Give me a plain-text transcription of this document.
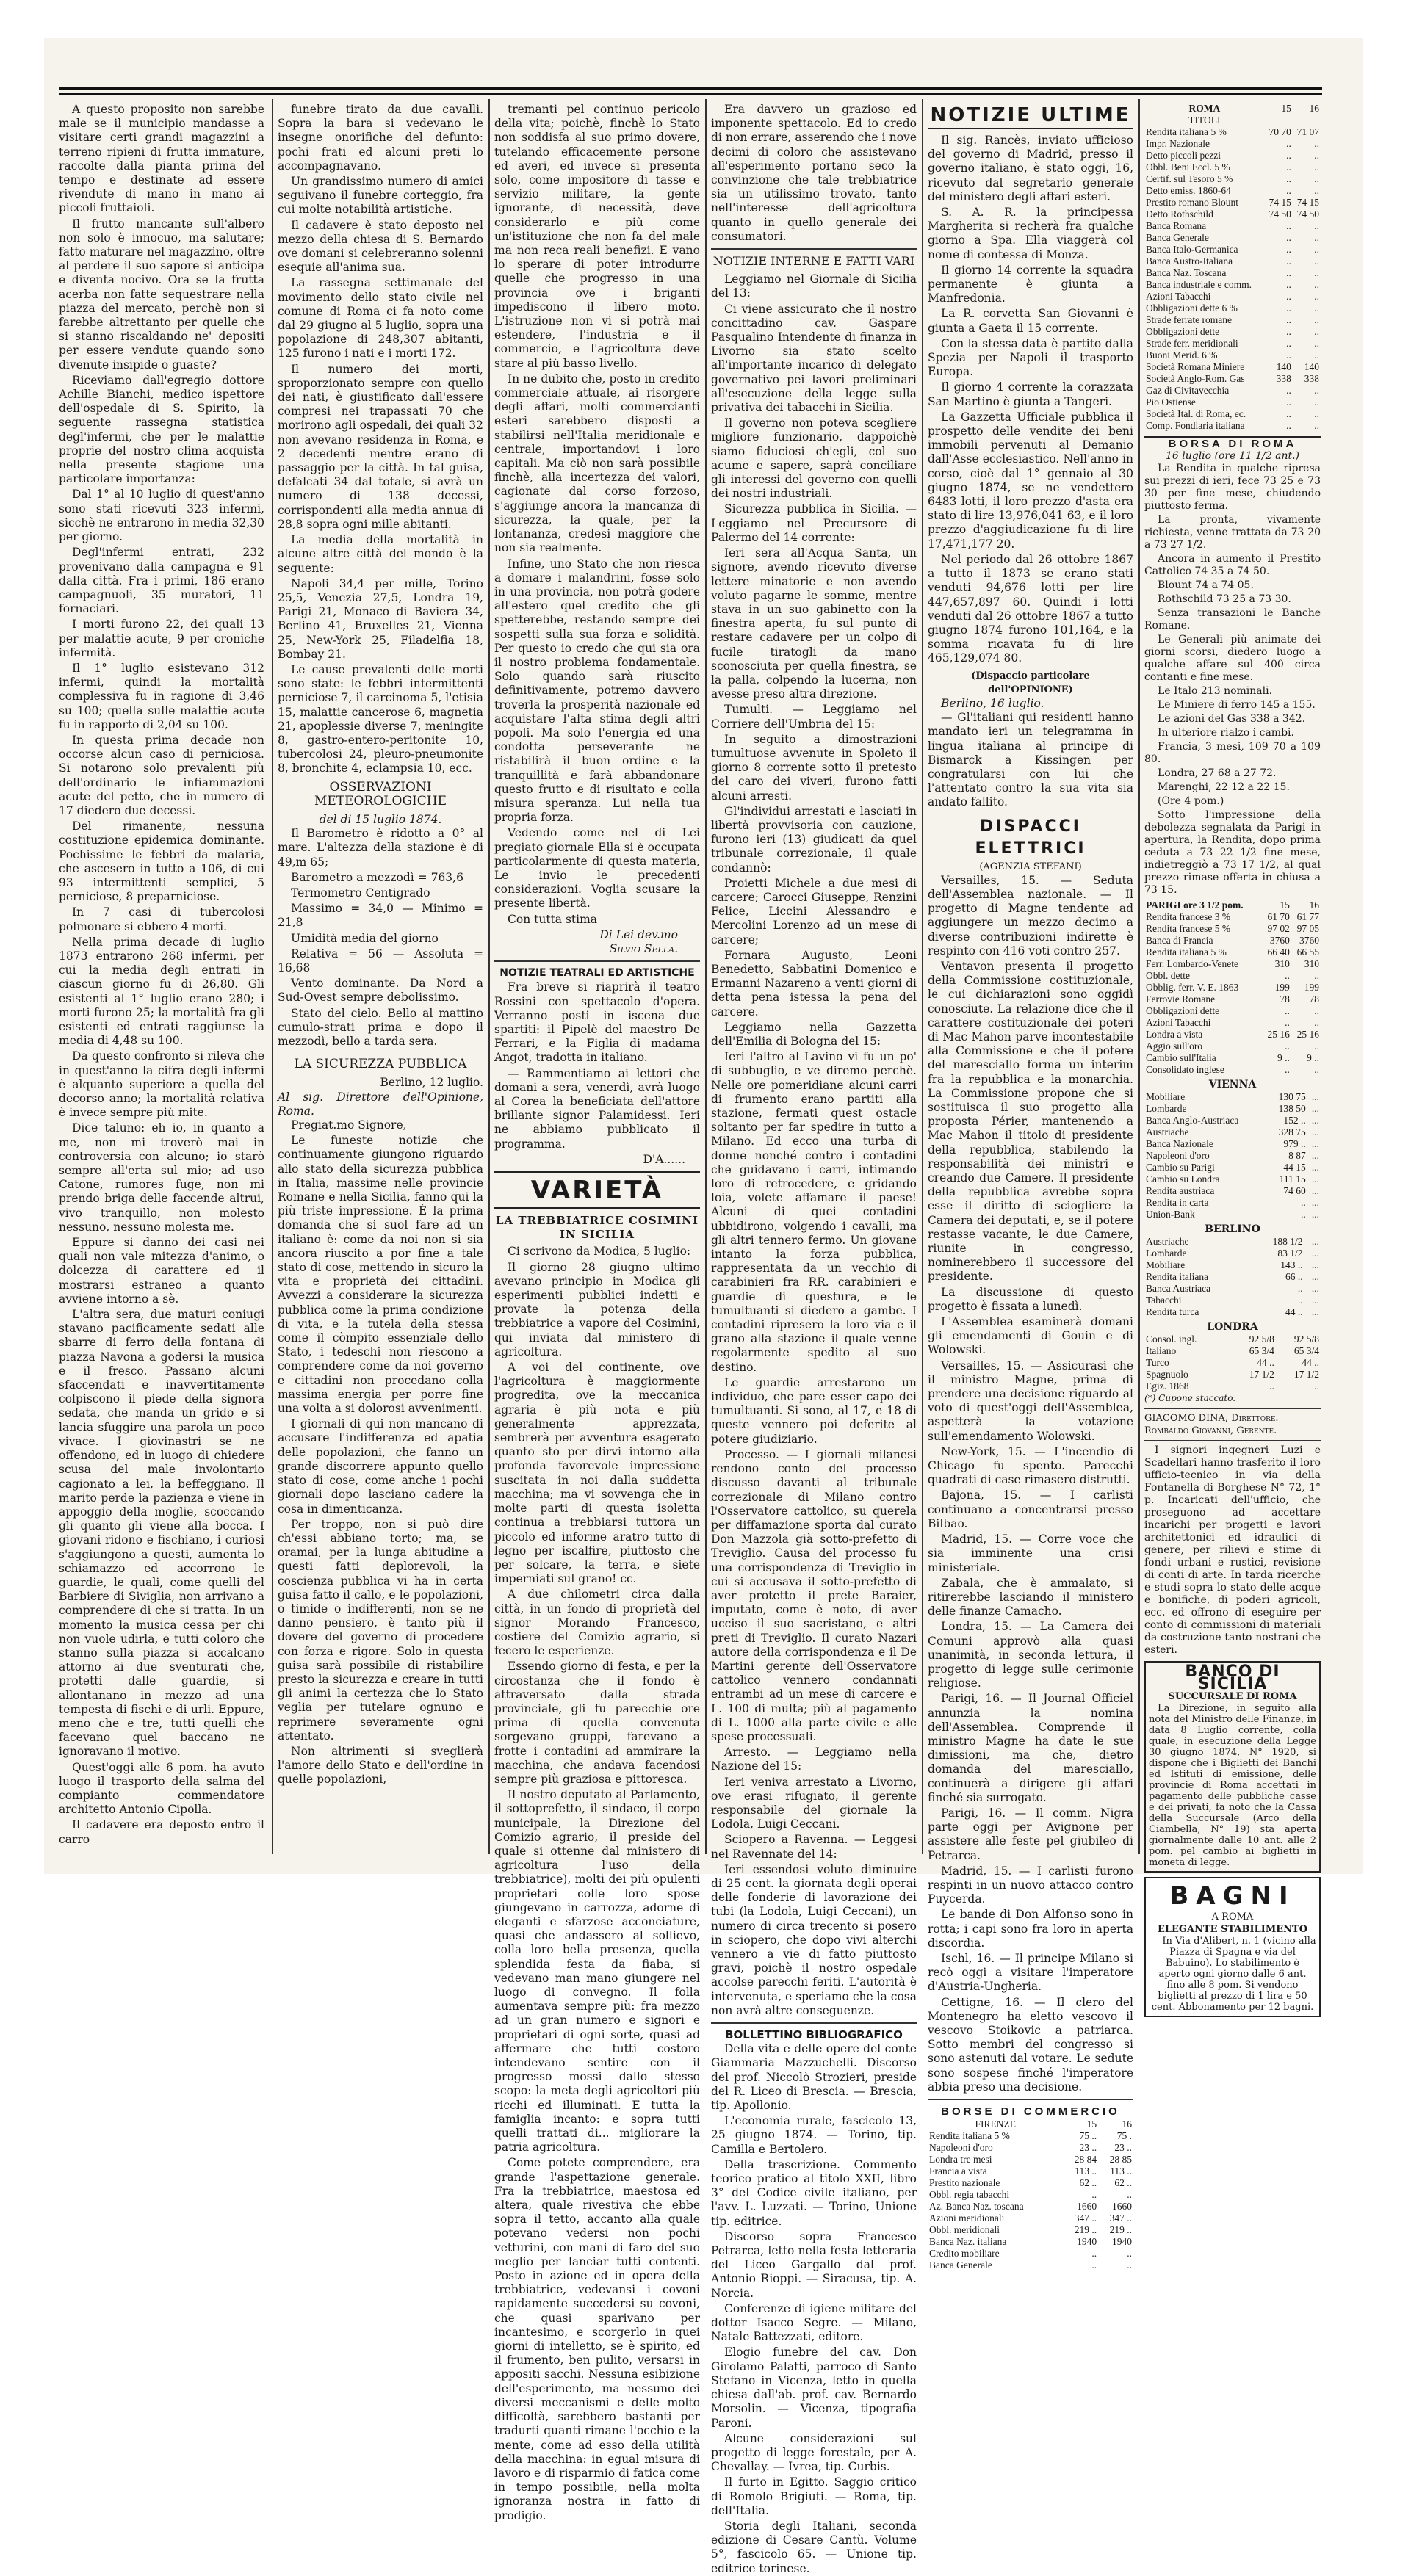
A questo proposito non sarebbe male se il municipio mandasse a visitare certi grandi magazzini a terreno ripieni di frutta immature, raccolte dalla pianta prima del tempo e destinate ad essere rivendute di mano in mano ai piccoli fruttaioli.

Il frutto mancante sull'albero non solo è innocuo, ma salutare; fatto maturare nel magazzino, oltre al perdere il suo sapore si anticipa e diventa nocivo. Ora se la frutta acerba non fatte sequestrare nella piazza del mercato, perchè non si farebbe altrettanto per quelle che si stanno riscaldando ne' depositi per essere vendute quando sono divenute insipide o guaste?

Riceviamo dall'egregio dottore Achille Bianchi, medico ispettore dell'ospedale di S. Spirito, la seguente rassegna statistica degl'infermi, che per le malattie proprie del nostro clima acquista nella presente stagione una particolare importanza:

Dal 1° al 10 luglio di quest'anno sono stati ricevuti 323 infermi, sicchè ne entrarono in media 32,30 per giorno.

Degl'infermi entrati, 232 provenivano dalla campagna e 91 dalla città. Fra i primi, 186 erano campagnuoli, 35 muratori, 11 fornaciari.

I morti furono 22, dei quali 13 per malattie acute, 9 per croniche infermità.

Il 1° luglio esistevano 312 infermi, quindi la mortalità complessiva fu in ragione di 3,46 su 100; quella sulle malattie acute fu in rapporto di 2,04 su 100.

In questa prima decade non occorse alcun caso di perniciosa. Si notarono solo prevalenti più dell'ordinario le infiammazioni acute del petto, che in numero di 17 diedero due decessi.

Del rimanente, nessuna costituzione epidemica dominante. Pochissime le febbri da malaria, che ascesero in tutto a 106, di cui 93 intermittenti semplici, 5 perniciose, 8 preparniciose.

In 7 casi di tubercolosi polmonare si ebbero 4 morti.

Nella prima decade di luglio 1873 entrarono 268 infermi, per cui la media degli entrati in ciascun giorno fu di 26,80. Gli esistenti al 1° luglio erano 280; i morti furono 25; la mortalità fra gli esistenti ed entrati raggiunse la media di 4,48 su 100.

Da questo confronto si rileva che in quest'anno la cifra degli infermi è alquanto superiore a quella del decorso anno; la mortalità relativa è invece sempre più mite.

Dice taluno: eh io, in quanto a me, non mi troverò mai in controversia con alcuno; io starò sempre all'erta sul mio; ad uso Catone, rumores fuge, non mi prendo briga delle faccende altrui, vivo tranquillo, non molesto nessuno, nessuno molesta me.

Eppure si danno dei casi nei quali non vale mitezza d'animo, o dolcezza di carattere ed il mostrarsi estraneo a quanto avviene intorno a sè.

L'altra sera, due maturi coniugi stavano pacificamente sedati alle sbarre di ferro della fontana di piazza Navona a godersi la musica e il fresco. Passano alcuni sfaccendati e inavvertitamente colpiscono il piede della signora sedata, che manda un grido e si lancia sfuggire una parola un poco vivace. I giovinastri se ne offendono, ed in luogo di chiedere scusa del male involontario cagionato a lei, la beffeggiano. Il marito perde la pazienza e viene in appoggio della moglie, scoccando gli quanto gli viene alla bocca. I giovani ridono e fischiano, i curiosi s'aggiungono a questi, aumenta lo schiamazzo ed accorrono le guardie, le quali, come quelli del Barbiere di Siviglia, non arrivano a comprendere di che si tratta. In un momento la musica cessa per chi non vuole udirla, e tutti coloro che stanno sulla piazza si accalcano attorno ai due sventurati che, protetti dalle guardie, si allontanano in mezzo ad una tempesta di fischi e di urli. Eppure, meno che e tre, tutti quelli che facevano quel baccano ne ignoravano il motivo.

Quest'oggi alle 6 pom. ha avuto luogo il trasporto della salma del compianto commendatore architetto Antonio Cipolla.

Il cadavere era deposto entro il carro

funebre tirato da due cavalli. Sopra la bara si vedevano le insegne onorifiche del defunto: pochi frati ed alcuni preti lo accompagnavano.

Un grandissimo numero di amici seguivano il funebre corteggio, fra cui molte notabilità artistiche.

Il cadavere è stato deposto nel mezzo della chiesa di S. Bernardo ove domani si celebreranno solenni esequie all'anima sua.

La rassegna settimanale del movimento dello stato civile nel comune di Roma ci fa noto come dal 29 giugno al 5 luglio, sopra una popolazione di 248,307 abitanti, 125 furono i nati e i morti 172.

Il numero dei morti, sproporzionato sempre con quello dei nati, è giustificato dall'essere compresi nei trapassati 70 che morirono agli ospedali, dei quali 32 non avevano residenza in Roma, e 2 decedenti mentre erano di passaggio per la città. In tal guisa, defalcati 34 dal totale, si avrà un numero di 138 decessi, corrispondenti alla media annua di 28,8 sopra ogni mille abitanti.

La media della mortalità in alcune altre città del mondo è la seguente:

Napoli 34,4 per mille, Torino 25,5, Venezia 27,5, Londra 19, Parigi 21, Monaco di Baviera 34, Berlino 41, Bruxelles 21, Vienna 25, New-York 25, Filadelfia 18, Bombay 21.

Le cause prevalenti delle morti sono state: le febbri intermittenti perniciose 7, il carcinoma 5, l'etisia 15, malattie cancerose 6, magnetia 21, apoplessie diverse 7, meningite 8, gastro-entero-peritonite 10, tubercolosi 24, pleuro-pneumonite 8, bronchite 4, eclampsia 10, ecc.

OSSERVAZIONI METEOROLOGICHE
del di 15 luglio 1874.

Il Barometro è ridotto a 0° al mare. L'altezza della stazione è di 49,m 65;

Barometro a mezzodì = 763,6

Termometro Centigrado

Massimo = 34,0 — Minimo = 21,8

Umidità media del giorno

Relativa = 56 — Assoluta = 16,68

Vento dominante. Da Nord a Sud-Ovest sempre debolissimo.

Stato del cielo. Bello al mattino cumulo-strati prima e dopo il mezzodì, bello a tarda sera.

LA SICUREZZA PUBBLICA
Berlino, 12 luglio.
Al sig. Direttore dell'Opinione, Roma.

Pregiat.mo Signore,

Le funeste notizie che continuamente giungono riguardo allo stato della sicurezza pubblica in Italia, massime nelle provincie Romane e nella Sicilia, fanno qui la più triste impressione. È la prima domanda che si suol fare ad un italiano è: come da noi non si sia ancora riuscito a por fine a tale stato di cose, mettendo in sicuro la vita e proprietà dei cittadini. Avvezzi a considerare la sicurezza pubblica come la prima condizione di vita, e la tutela della stessa come il còmpito essenziale dello Stato, i tedeschi non riescono a comprendere come da noi governo e cittadini non procedano colla massima energia per porre fine una volta a si dolorosi avvenimenti.

I giornali di qui non mancano di accusare l'indifferenza ed apatia delle popolazioni, che fanno un grande discorrere appunto quello stato di cose, come anche i pochi giornali dopo lasciano cadere la cosa in dimenticanza.

Per troppo, non si può dire ch'essi abbiano torto; ma, se oramai, per la lunga abitudine a questi fatti deplorevoli, la coscienza pubblica vi ha in certa guisa fatto il callo, e le popolazioni, o timide o indifferenti, non se ne danno pensiero, è tanto più il dovere del governo di procedere con forza e rigore. Solo in questa guisa sarà possibile di ristabilire presto la sicurezza e creare in tutti gli animi la certezza che lo Stato veglia per tutelare ognuno e reprimere severamente ogni attentato.

Non altrimenti si sveglierà l'amore dello Stato e dell'ordine in quelle popolazioni,

tremanti pel continuo pericolo della vita; poichè, finchè lo Stato non soddisfa al suo primo dovere, tutelando efficacemente persone ed averi, ed invece si presenta solo, come impositore di tasse e servizio militare, la gente ignorante, di necessità, deve considerarlo e più come un'istituzione che non fa del male ma non reca reali benefizi. E vano lo sperare di poter introdurre quelle che progresso in una provincia ove i briganti impediscono il libero moto. L'istruzione non vi si potrà mai estendere, l'industria e il commercio, e l'agricoltura deve stare al più basso livello.

In ne dubito che, posto in credito commerciale attuale, ai risorgere degli affari, molti commercianti esteri sarebbero disposti a stabilirsi nell'Italia meridionale e centrale, importandovi i loro capitali. Ma ciò non sarà possibile finchè, alla incertezza dei valori, cagionate dal corso forzoso, s'aggiunge ancora la mancanza di sicurezza, la quale, per la lontananza, credesi maggiore che non sia realmente.

Infine, uno Stato che non riesca a domare i malandrini, fosse solo in una provincia, non potrà godere all'estero quel credito che gli spetterebbe, restando sempre dei sospetti sulla sua forza e solidità. Per questo io credo che qui sia ora il nostro problema fondamentale. Solo quando sarà riuscito definitivamente, potremo davvero troverla la prosperità nazionale ed acquistare l'alta stima degli altri popoli. Ma solo l'energia ed una condotta perseverante ne ristabilirà il buon ordine e la tranquillità e farà abbandonare questo frutto e di risultato e colla misura speranza. Lui nella tua propria forza.

Vedendo come nel di Lei pregiato giornale Ella si è occupata particolarmente di questa materia, Le invio le precedenti considerazioni. Voglia scusare la presente libertà.

Con tutta stima

Di Lei dev.mo
Silvio Sella.
NOTIZIE TEATRALI ED ARTISTICHE

Fra breve si riaprirà il teatro Rossini con spettacolo d'opera. Verranno posti in iscena due spartiti: il Pipelè del maestro De Ferrari, e la Figlia di madama Angot, tradotta in italiano.

— Rammentiamo ai lettori che domani a sera, venerdì, avrà luogo al Corea la beneficiata dell'attore brillante signor Palamidessi. Ieri ne abbiamo pubblicato il programma.

D'A......
VARIETÀ
LA TREBBIATRICE COSIMINI IN SICILIA

Ci scrivono da Modica, 5 luglio:

Il giorno 28 giugno ultimo avevano principio in Modica gli esperimenti pubblici indetti e provate la potenza della trebbiatrice a vapore del Cosimini, qui inviata dal ministero di agricoltura.

A voi del continente, ove l'agricoltura è maggiormente progredita, ove la meccanica agraria è più nota e più generalmente apprezzata, sembrerà per avventura esagerato quanto sto per dirvi intorno alla profonda favorevole impressione suscitata in noi dalla suddetta macchina; ma vi sovvenga che in molte parti di questa isoletta continua a trebbiarsi tuttora un piccolo ed informe aratro tutto di legno per iscalfire, piuttosto che per solcare, la terra, e siete imperniati sul grano! cc.

A due chilometri circa dalla città, in un fondo di proprietà del signor Morando Francesco, costiere del Comizio agrario, si fecero le esperienze.

Essendo giorno di festa, e per la circostanza che il fondo è attraversato dalla strada provinciale, gli fu parecchie ore prima di quella convenuta sorgevano gruppi, farevano a frotte i contadini ad ammirare la macchina, che andava facendosi sempre più graziosa e pittoresca.

Il nostro deputato al Parlamento, il sottoprefetto, il sindaco, il corpo municipale, la Direzione del Comizio agrario, il preside del quale si ottenne dal ministero di agricoltura l'uso della trebbiatrice), molti dei più opulenti proprietari colle loro spose giungevano in carrozza, adorne di eleganti e sfarzose acconciature, quasi che andassero al sollievo, colla loro bella presenza, quella splendida festa da fiaba, si vedevano man mano giungere nel luogo di convegno. Il folla aumentava sempre più: fra mezzo ad un gran numero e signori e proprietari di ogni sorte, quasi ad affermare che tutti costoro intendevano sentire con il progresso mossi dallo stesso scopo: la meta degli agricoltori più ricchi ed illuminati. E tutta la famiglia incanto: e sopra tutti quelli trattati di... migliorare la patria agricoltura.

Come potete comprendere, era grande l'aspettazione generale. Fra la trebbiatrice, maestosa ed altera, quale rivestiva che ebbe sopra il tetto, accanto alla quale potevano vedersi non pochi vetturini, con mani di faro del suo meglio per lanciar tutti contenti. Posto in azione ed in opera della trebbiatrice, vedevansi i covoni rapidamente succedersi su covoni, che quasi sparivano per incantesimo, e scorgerlo in quei giorni di intelletto, se è spirito, ed il frumento, ben pulito, versarsi in appositi sacchi. Nessuna esibizione dell'esperimento, ma nessuno dei diversi meccanismi e delle molto difficoltà, sarebbero bastanti per tradurti quanti rimane l'occhio e la mente, come ad esso della utilità della macchina: in egual misura di lavoro e di risparmio di fatica come in tempo possibile, nella molta ignoranza nostra in fatto di prodigio.

Era davvero un grazioso ed imponente spettacolo. Ed io credo di non errare, asserendo che i nove decimi di coloro che assistevano all'esperimento portano seco la convinzione che tale trebbiatrice sia un utilissimo trovato, tanto nell'interesse dell'agricoltura quanto in quello generale dei consumatori.

NOTIZIE INTERNE E FATTI VARI

Leggiamo nel Giornale di Sicilia del 13:

Ci viene assicurato che il nostro concittadino cav. Gaspare Pasqualino Intendente di finanza in Livorno sia stato scelto all'importante incarico di delegato governativo pei lavori preliminari all'esecuzione della legge sulla privativa dei tabacchi in Sicilia.

Il governo non poteva scegliere migliore funzionario, dappoichè siamo fiduciosi ch'egli, col suo acume e sapere, saprà conciliare gli interessi del governo con quelli dei nostri industriali.

Sicurezza pubblica in Sicilia. — Leggiamo nel Precursore di Palermo del 14 corrente:

Ieri sera all'Acqua Santa, un signore, avendo ricevuto diverse lettere minatorie e non avendo voluto pagarne le somme, mentre stava in un suo gabinetto con la finestra aperta, fu sul punto di restare cadavere per un colpo di fucile tiratogli da mano sconosciuta per quella finestra, se la palla, colpendo la lucerna, non avesse preso altra direzione.

Tumulti. — Leggiamo nel Corriere dell'Umbria del 15:

In seguito a dimostrazioni tumultuose avvenute in Spoleto il giorno 8 corrente sotto il pretesto del caro dei viveri, furono fatti alcuni arresti.

Gl'individui arrestati e lasciati in libertà provvisoria con cauzione, furono ieri (13) giudicati da quel tribunale correzionale, il quale condannò:

Proietti Michele a due mesi di carcere; Carocci Giuseppe, Renzini Felice, Liccini Alessandro e Mercolini Lorenzo ad un mese di carcere;

Fornara Augusto, Leoni Benedetto, Sabbatini Domenico e Ermanni Nazareno a venti giorni di detta pena istessa la pena del carcere.

Leggiamo nella Gazzetta dell'Emilia di Bologna del 15:

Ieri l'altro al Lavino vi fu un po' di subbuglio, e ve diremo perchè. Nelle ore pomeridiane alcuni carri di frumento erano partiti alla stazione, fermati quest ostacle soltanto per far spedire in tutto a Milano. Ed ecco una turba di donne nonché contro i contadini che guidavano i carri, intimando loro di retrocedere, e gridando loia, volete affamare il paese! Alcuni di quei contadini ubbidirono, volgendo i cavalli, ma gli altri tennero fermo. Un giovane intanto la forza pubblica, rappresentata da un vecchio di carabinieri fra RR. carabinieri e guardie di questura, e le tumultuanti si diedero a gambe. I contadini ripresero la loro via e il grano alla stazione il quale venne regolarmente spedito al suo destino.

Le guardie arrestarono un individuo, che pare esser capo dei tumultuanti. Si sono, al 17, e 18 di queste vennero poi deferite al potere giudiziario.

Processo. — I giornali milanesi rendono conto del processo discusso davanti al tribunale correzionale di Milano contro l'Osservatore cattolico, su querela per diffamazione sporta dal curato Don Mazzola già sotto-prefetto di Treviglio. Causa del processo fu una corrispondenza di Treviglio in cui si accusava il sotto-prefetto di aver protetto il prete Baraier, imputato, come è noto, di aver ucciso il suo sacristano, e altri preti di Treviglio. Il curato Nazari autore della corrispondenza e il De Martini gerente dell'Osservatore cattolico vennero condannati entrambi ad un mese di carcere e L. 100 di multa; più al pagamento di L. 1000 alla parte civile e alle spese processuali.

Arresto. — Leggiamo nella Nazione del 15:

Ieri veniva arrestato a Livorno, ove erasi rifugiato, il gerente responsabile del giornale la Lodola, Luigi Ceccani.

Sciopero a Ravenna. — Leggesi nel Ravennate del 14:

Ieri essendosi voluto diminuire di 25 cent. la giornata degli operai delle fonderie di lavorazione dei tubi (la Lodola, Luigi Ceccani), un numero di circa trecento si posero in sciopero, che dopo vivi alterchi vennero a vie di fatto piuttosto gravi, poichè il nostro ospedale accolse parecchi feriti. L'autorità è intervenuta, e speriamo che la cosa non avrà altre conseguenze.

BOLLETTINO BIBLIOGRAFICO

Della vita e delle opere del conte Giammaria Mazzuchelli. Discorso del prof. Niccolò Strozieri, preside del R. Liceo di Brescia. — Brescia, tip. Apollonio.

L'economia rurale, fascicolo 13, 25 giugno 1874. — Torino, tip. Camilla e Bertolero.

Della trascrizione. Commento teorico pratico al titolo XXII, libro 3° del Codice civile italiano, per l'avv. L. Luzzati. — Torino, Unione tip. editrice.

Discorso sopra Francesco Petrarca, letto nella festa letteraria del Liceo Gargallo dal prof. Antonio Rioppi. — Siracusa, tip. A. Norcia.

Conferenze di igiene militare del dottor Isacco Segre. — Milano, Natale Battezzati, editore.

Elogio funebre del cav. Don Girolamo Palatti, parroco di Santo Stefano in Vicenza, letto in quella chiesa dall'ab. prof. cav. Bernardo Morsolin. — Vicenza, tipografia Paroni.

Alcune considerazioni sul progetto di legge forestale, per A. Chevallay. — Ivrea, tip. Curbis.

Il furto in Egitto. Saggio critico di Romolo Brigiuti. — Roma, tip. dell'Italia.

Storia degli Italiani, seconda edizione di Cesare Cantù. Volume 5°, fascicolo 65. — Unione tip. editrice torinese.

NOTIZIE ULTIME

Il sig. Rancès, inviato ufficioso del governo di Madrid, presso il governo italiano, è stato oggi, 16, ricevuto dal segretario generale del ministero degli affari esteri.

S. A. R. la principessa Margherita si recherà fra qualche giorno a Spa. Ella viaggerà col nome di contessa di Monza.

Il giorno 14 corrente la squadra permanente è giunta a Manfredonia.

La R. corvetta San Giovanni è giunta a Gaeta il 15 corrente.

Con la stessa data è partito dalla Spezia per Napoli il trasporto Europa.

Il giorno 4 corrente la corazzata San Martino è giunta a Tangeri.

La Gazzetta Ufficiale pubblica il prospetto delle vendite dei beni immobili pervenuti al Demanio dall'Asse ecclesiastico. Nell'anno in corso, cioè dal 1° gennaio al 30 giugno 1874, se ne vendettero 6483 lotti, il loro prezzo d'asta era stato di lire 13,976,041 63, e il loro prezzo d'aggiudicazione fu di lire 17,471,177 20.

Nel periodo dal 26 ottobre 1867 a tutto il 1873 se erano stati venduti 94,676 lotti per lire 447,657,897 60. Quindi i lotti venduti dal 26 ottobre 1867 a tutto giugno 1874 furono 101,164, e la somma ricavata fu di lire 465,129,074 80.

(Dispaccio particolare dell'OPINIONE)
Berlino, 16 luglio.

— Gl'italiani qui residenti hanno mandato ieri un telegramma in lingua italiana al principe di Bismarck a Kissingen per congratularsi con lui che l'attentato contro la sua vita sia andato fallito.

DISPACCI ELETTRICI
(AGENZIA STEFANI)

Versailles, 15. — Seduta dell'Assemblea nazionale. — Il progetto di Magne tendente ad aggiungere un mezzo decimo a diverse contribuzioni indirette è respinto con 416 voti contro 257.

Ventavon presenta il progetto della Commissione costituzionale, le cui dichiarazioni sono oggidì conosciute. La relazione dice che il carattere costituzionale dei poteri di Mac Mahon parve incontestabile alla Commissione e che il potere del maresciallo forma un interim fra la repubblica e la monarchia. La Commissione propone che si sostituisca il suo progetto alla proposta Périer, mantenendo a Mac Mahon il titolo di presidente della repubblica, stabilendo la responsabilità dei ministri e creando due Camere. Il presidente della repubblica avrebbe sopra esse il diritto di sciogliere la Camera dei deputati, e, se il potere restasse vacante, le due Camere, riunite in congresso, nominerebbero il successore del presidente.

La discussione di questo progetto è fissata a lunedì.

L'Assemblea esaminerà domani gli emendamenti di Gouin e di Wolowski.

Versailles, 15. — Assicurasi che il ministro Magne, prima di prendere una decisione riguardo al voto di quest'oggi dell'Assemblea, aspetterà la votazione sull'emendamento Wolowski.

New-York, 15. — L'incendio di Chicago fu spento. Parecchi quadrati di case rimasero distrutti.

Bajona, 15. — I carlisti continuano a concentrarsi presso Bilbao.

Madrid, 15. — Corre voce che sia imminente una crisi ministeriale.

Zabala, che è ammalato, si ritirerebbe lasciando il ministero delle finanze Camacho.

Londra, 15. — La Camera dei Comuni approvò alla quasi unanimità, in seconda lettura, il progetto di legge sulle cerimonie religiose.

Parigi, 16. — Il Journal Officiel annunzia la nomina dell'Assemblea. Comprende il ministro Magne ha date le sue dimissioni, ma che, dietro domanda del maresciallo, continuerà a dirigere gli affari finché sia surrogato.

Parigi, 16. — Il comm. Nigra parte oggi per Avignone per assistere alle feste pel giubileo di Petrarca.

Madrid, 15. — I carlisti furono respinti in un nuovo attacco contro Puycerda.

Le bande di Don Alfonso sono in rotta; i capi sono fra loro in aperta discordia.

Ischl, 16. — Il principe Milano si recò oggi a visitare l'imperatore d'Austria-Ungheria.

Cettigne, 16. — Il clero del Montenegro ha eletto vescovo il vescovo Stoikovic a patriarca. Sotto membri del congresso si sono astenuti dal votare. Le sedute sono sospese finché l'imperatore abbia preso una decisione.

BORSE DI COMMERCIO
FIRENZE	15	16
Rendita italiana 5 %	75 ..	75 .
Napoleoni d'oro	23 ..	23 ..
Londra tre mesi	28 84	28 85
Francia a vista	113 ..	113 ..
Prestito nazionale	62 ..	62 ..
Obbl. regia tabacchi	..	..
Az. Banca Naz. toscana	1660	1660
Azioni meridionali	347 ..	347 ..
Obbl. meridionali	219 ..	219 ..
Banca Naz. italiana	1940	1940
Credito mobiliare	..	..
Banca Generale	..	..
ROMA	15	16
TITOLI		
Rendita italiana 5 %	70 70	71 07
Impr. Nazionale	..	..
Detto piccoli pezzi	..	..
Obbl. Beni Eccl. 5 %	..	..
Certif. sul Tesoro 5 %	..	..
Detto emiss. 1860-64	..	..
Prestito romano Blount	74 15	74 15
Detto Rothschild	74 50	74 50
Banca Romana	..	..
Banca Generale	..	..
Banca Italo-Germanica	..	..
Banca Austro-Italiana	..	..
Banca Naz. Toscana	..	..
Banca industriale e comm.	..	..
Azioni Tabacchi	..	..
Obbligazioni dette 6 %	..	..
Strade ferrate romane	..	..
Obbligazioni dette	..	..
Strade ferr. meridionali	..	..
Buoni Merid. 6 %	..	..
Società Romana Miniere	140	140
Società Anglo-Rom. Gas	338	338
Gaz di Civitavecchia	..	..
Pio Ostiense	..	..
Società Ital. di Roma, ec.	..	..
Comp. Fondiaria italiana	..	..
BORSA DI ROMA
16 luglio (ore 11 1/2 ant.)

La Rendita in qualche ripresa sui prezzi di ieri, fece 73 25 e 73 30 per fine mese, chiudendo piuttosto ferma.

La pronta, vivamente richiesta, venne trattata da 73 20 a 73 27 1/2.

Ancora in aumento il Prestito Cattolico 74 35 a 74 50.

Blount 74 a 74 05.

Rothschild 73 25 a 73 30.

Senza transazioni le Banche Romane.

Le Generali più animate dei giorni scorsi, diedero luogo a qualche affare sul 400 circa contanti e fine mese.

Le Italo 213 nominali.

Le Miniere di ferro 145 a 155.

Le azioni del Gas 338 a 342.

In ulteriore rialzo i cambi.

Francia, 3 mesi, 109 70 a 109 80.

Londra, 27 68 a 27 72.

Marenghi, 22 12 a 22 15.

(Ore 4 pom.)

Sotto l'impressione della debolezza segnalata da Parigi in apertura, la Rendita, dopo prima ceduta a 73 22 1/2 fine mese, indietreggiò a 73 17 1/2, al qual prezzo rimase offerta in chiusa a 73 15.

PARIGI ore 3 1/2 pom.	15	16
Rendita francese 3 %	61 70	61 77
Rendita francese 5 %	97 02	97 05
Banca di Francia	3760	3760
Rendita italiana 5 %	66 40	66 55
Ferr. Lombardo-Venete	310	310
Obbl. dette	..	..
Obblig. ferr. V. E. 1863	199	199
Ferrovie Romane	78	78
Obbligazioni dette	..	..
Azioni Tabacchi	..	..
Londra a vista	25 16	25 16
Aggio sull'oro	..	..
Cambio sull'Italia	9 ..	9 ..
Consolidato inglese	..	..
VIENNA
Mobiliare	130 75	...
Lombarde	138 50	...
Banca Anglo-Austriaca	152 ..	...
Austriache	328 75	...
Banca Nazionale	979 ..	...
Napoleoni d'oro	8 87	...
Cambio su Parigi	44 15	...
Cambio su Londra	111 15	...
Rendita austriaca	74 60	...
Rendita in carta	..	...
Union-Bank	..	...
BERLINO
Austriache	188 1/2	...
Lombarde	83 1/2	...
Mobiliare	143 ..	...
Rendita italiana	66 ..	...
Banca Austriaca	..	...
Tabacchi	..	...
Rendita turca	44 ..	...
LONDRA
Consol. ingl.	92 5/8	92 5/8
Italiano	65 3/4	65 3/4
Turco	44 ..	44 ..
Spagnuolo	17 1/2	17 1/2
Egiz. 1868	..	..
(*) Cupone staccato.
GIACOMO DINA, Direttore.
Rombaldo Giovanni, Gerente.

I signori ingegneri Luzi e Scadellari hanno trasferito il loro ufficio-tecnico in via della Fontanella di Borghese N° 72, 1° p. Incaricati dell'ufficio, che proseguono ad accettare incarichi per progetti e lavori architettonici ed idraulici di genere, per rilievi e stime di fondi urbani e rustici, revisione di conti di arte. In tarda ricerche e studi sopra lo stato delle acque e bonifiche, di poderi agricoli, ecc. ed offrono di eseguire per conto di commissioni di materiali da costruzione tanto nostrani che esteri.

BANCO DI SICILIA
SUCCURSALE DI ROMA

La Direzione, in seguito alla nota del Ministro delle Finanze, in data 8 Luglio corrente, colla quale, in esecuzione della Legge 30 giugno 1874, N° 1920, si dispone che i Biglietti dei Banchi ed Istituti di emissione, delle provincie di Roma accettati in pagamento delle pubbliche casse e dei privati, fa noto che la Cassa della Succursale (Arco della Ciambella, N° 19) sta aperta giornalmente dalle 10 ant. alle 2 pom. pel cambio ai biglietti in moneta di legge.

BAGNI
A ROMA
ELEGANTE STABILIMENTO

In Via d'Alibert, n. 1 (vicino alla Piazza di Spagna e via del Babuino). Lo stabilimento è aperto ogni giorno dalle 6 ant. fino alle 8 pom. Si vendono biglietti al prezzo di 1 lira e 50 cent. Abbonamento per 12 bagni.
